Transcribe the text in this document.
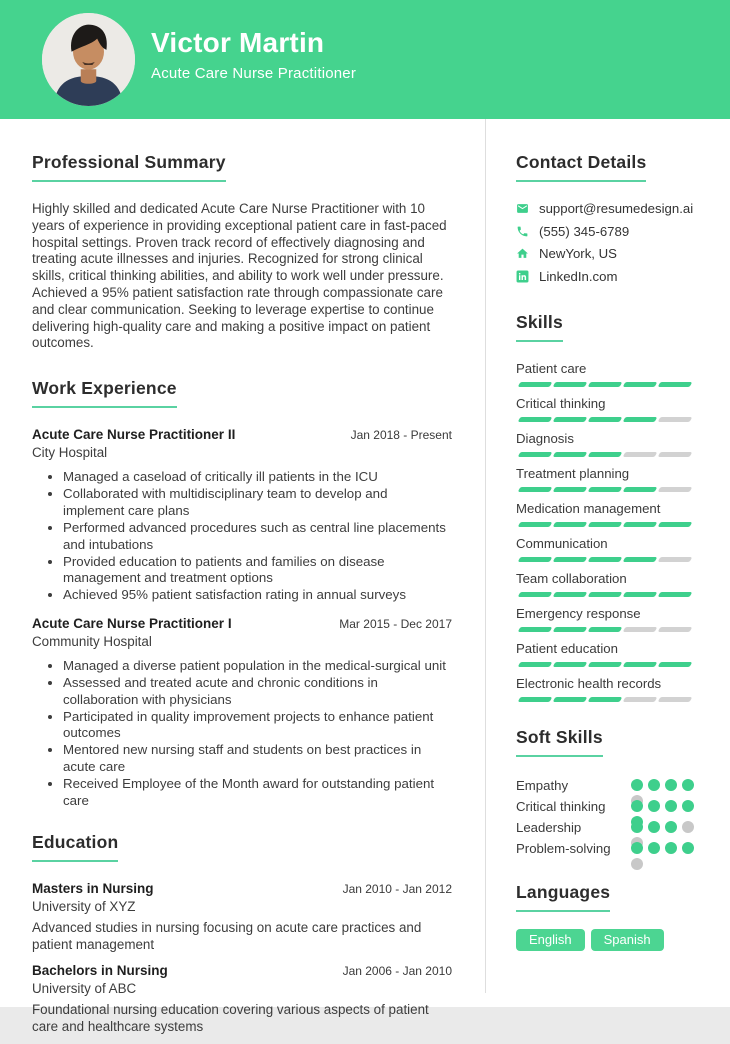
Victor Martin
Acute Care Nurse Practitioner
Professional Summary

Highly skilled and dedicated Acute Care Nurse Practitioner with 10 years of experience in providing exceptional patient care in fast-paced hospital settings. Proven track record of effectively diagnosing and treating acute illnesses and injuries. Recognized for strong clinical skills, critical thinking abilities, and ability to work well under pressure. Achieved a 95% patient satisfaction rate through compassionate care and clear communication. Seeking to leverage expertise to continue delivering high-quality care and making a positive impact on patient outcomes.

Work Experience
Acute Care Nurse Practitioner II	Jan 2018 - Present
City Hospital
• Managed a caseload of critically ill patients in the ICU
• Collaborated with multidisciplinary team to develop and implement care plans
• Performed advanced procedures such as central line placements and intubations
• Provided education to patients and families on disease management and treatment options
• Achieved 95% patient satisfaction rating in annual surveys
Acute Care Nurse Practitioner I	Mar 2015 - Dec 2017
Community Hospital
• Managed a diverse patient population in the medical-surgical unit
• Assessed and treated acute and chronic conditions in collaboration with physicians
• Participated in quality improvement projects to enhance patient outcomes
• Mentored new nursing staff and students on best practices in acute care
• Received Employee of the Month award for outstanding patient care
Education
Masters in Nursing	Jan 2010 - Jan 2012
University of XYZ

Advanced studies in nursing focusing on acute care practices and patient management

Bachelors in Nursing	Jan 2006 - Jan 2010
University of ABC

Foundational nursing education covering various aspects of patient care and healthcare systems

Contact Details
support@resumedesign.ai
(555) 345-6789
NewYork, US
LinkedIn.com
Skills
Patient care
Critical thinking
Diagnosis
Treatment planning
Medication management
Communication
Team collaboration
Emergency response
Patient education
Electronic health records
Soft Skills
Empathy
Critical thinking
Leadership
Problem-solving
Languages
English	Spanish
